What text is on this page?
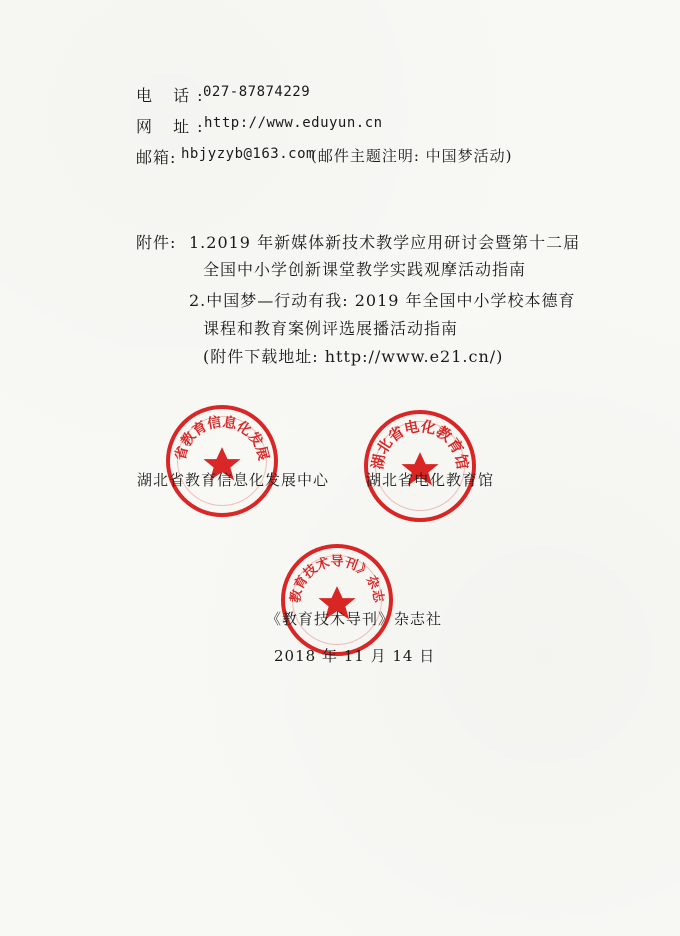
电 话:
027-87874229
网 址:
http://www.eduyun.cn
邮箱: hbjyzyb@163.com
(邮件主题注明: 中国梦活动)
附件: 1.2019 年新媒体新技术教学应用研讨会暨第十二届
全国中小学创新课堂教学实践观摩活动指南
2.中国梦—行动有我: 2019 年全国中小学校本德育
课程和教育案例评选展播活动指南
(附件下载地址: http://www.e21.cn/)
湖北省教育信息化发展中心
湖北省电化教育馆
《教育技术导刊》杂志社
湖北省教育信息化发展中心 湖北省电化教育馆
《教育技术导刊》杂志社
2018 年 11 月 14 日
